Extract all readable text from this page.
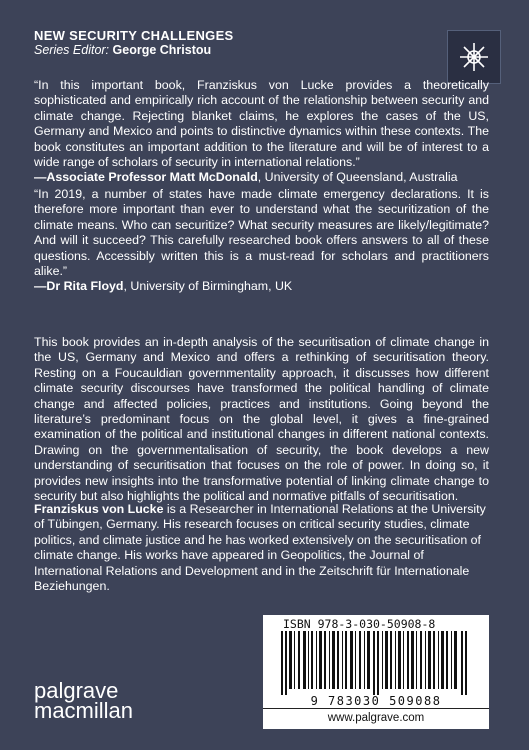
NEW SECURITY CHALLENGES
Series Editor: George Christou
“In this important book, Franziskus von Lucke provides a theoretically sophisticated and empirically rich account of the relationship between security and climate change. Rejecting blanket claims, he explores the cases of the US, Germany and Mexico and points to distinctive dynamics within these contexts. The book constitutes an important addition to the literature and will be of interest to a wide range of scholars of security in international relations.”
—Associate Professor Matt McDonald, University of Queensland, Australia
“In 2019, a number of states have made climate emergency declarations. It is therefore more important than ever to understand what the securitization of the climate means. Who can securitize? What security measures are likely/legitimate? And will it succeed? This carefully researched book offers answers to all of these questions. Accessibly written this is a must-read for scholars and practitioners alike.”
—Dr Rita Floyd, University of Birmingham, UK
This book provides an in-depth analysis of the securitisation of climate change in the US, Germany and Mexico and offers a rethinking of securitisation theory. Resting on a Foucauldian governmentality approach, it discusses how different climate security discourses have transformed the political handling of climate change and affected policies, practices and institutions. Going beyond the literature’s predominant focus on the global level, it gives a fine-grained examination of the political and institutional changes in different national contexts. Drawing on the governmentalisation of security, the book develops a new understanding of securitisation that focuses on the role of power. In doing so, it provides new insights into the transformative potential of linking climate change to security but also highlights the political and normative pitfalls of securitisation.
Franziskus von Lucke is a Researcher in International Relations at the University of Tübingen, Germany. His research focuses on critical security studies, climate politics, and climate justice and he has worked extensively on the securitisation of climate change. His works have appeared in Geopolitics, the Journal of International Relations and Development and in the Zeitschrift für Internationale Beziehungen.
ISBN 978-3-030-50908-8
9 783030 509088
www.palgrave.com
palgrave
macmillan
